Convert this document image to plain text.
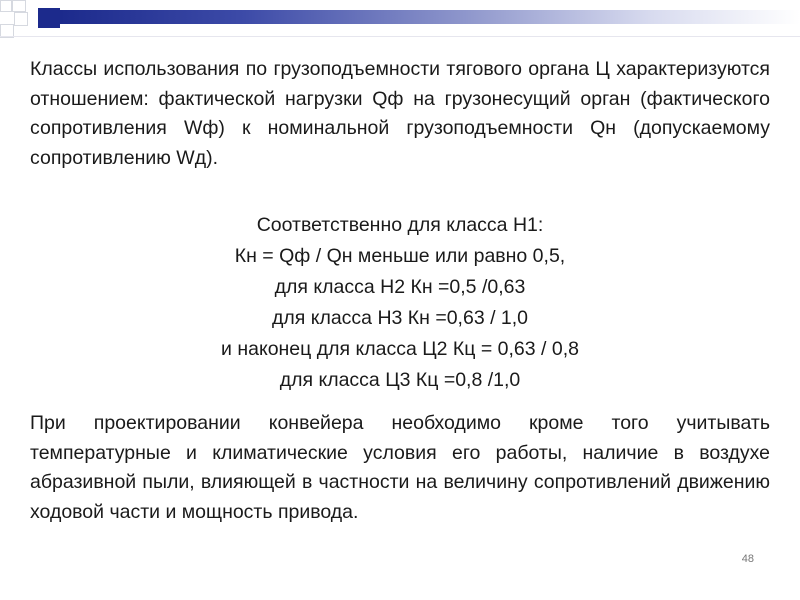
Классы использования по грузоподъемности тягового органа Ц характеризуются отношением: фактической нагрузки Qф на грузонесущий орган (фактического сопротивления Wф) к номинальной грузоподъемности Qн (допускаемому сопротивлению Wд).

Соответственно для класса Н1:
Кн = Qф / Qн меньше или равно 0,5,
для класса Н2 Кн =0,5 /0,63
для класса Н3 Кн =0,63 / 1,0
и наконец для класса Ц2 Кц = 0,63 / 0,8
для класса Ц3 Кц =0,8 /1,0

При проектировании конвейера необходимо кроме того учитывать температурные и климатические условия его работы, наличие в воздухе абразивной пыли, влияющей в частности на величину сопротивлений движению ходовой части и мощность привода.

48
